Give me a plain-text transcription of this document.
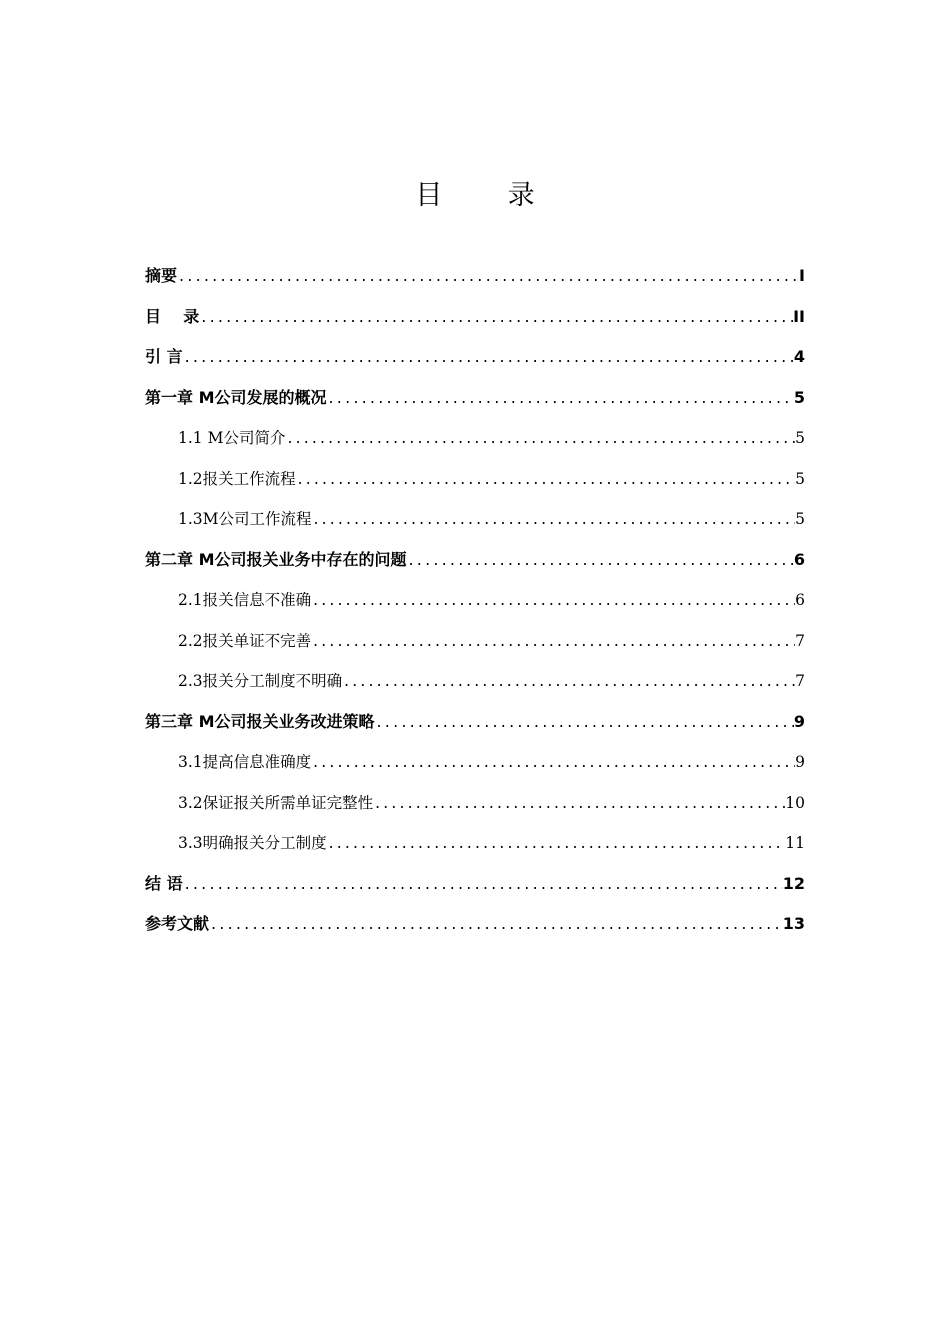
目  录
摘要 .....	I
目    录 .....	II
引 言 .....	4
第一章 M公司发展的概况 .....	5
1.1 M公司简介 .....	5
1.2报关工作流程 .....	5
1.3M公司工作流程 .....	5
第二章 M公司报关业务中存在的问题 .....	6
2.1报关信息不准确 .....	6
2.2报关单证不完善 .....	7
2.3报关分工制度不明确 .....	7
第三章 M公司报关业务改进策略 .....	9
3.1提高信息准确度 .....	9
3.2保证报关所需单证完整性 .....	10
3.3明确报关分工制度 .....	11
结 语 .....	12
参考文献 .....	13
